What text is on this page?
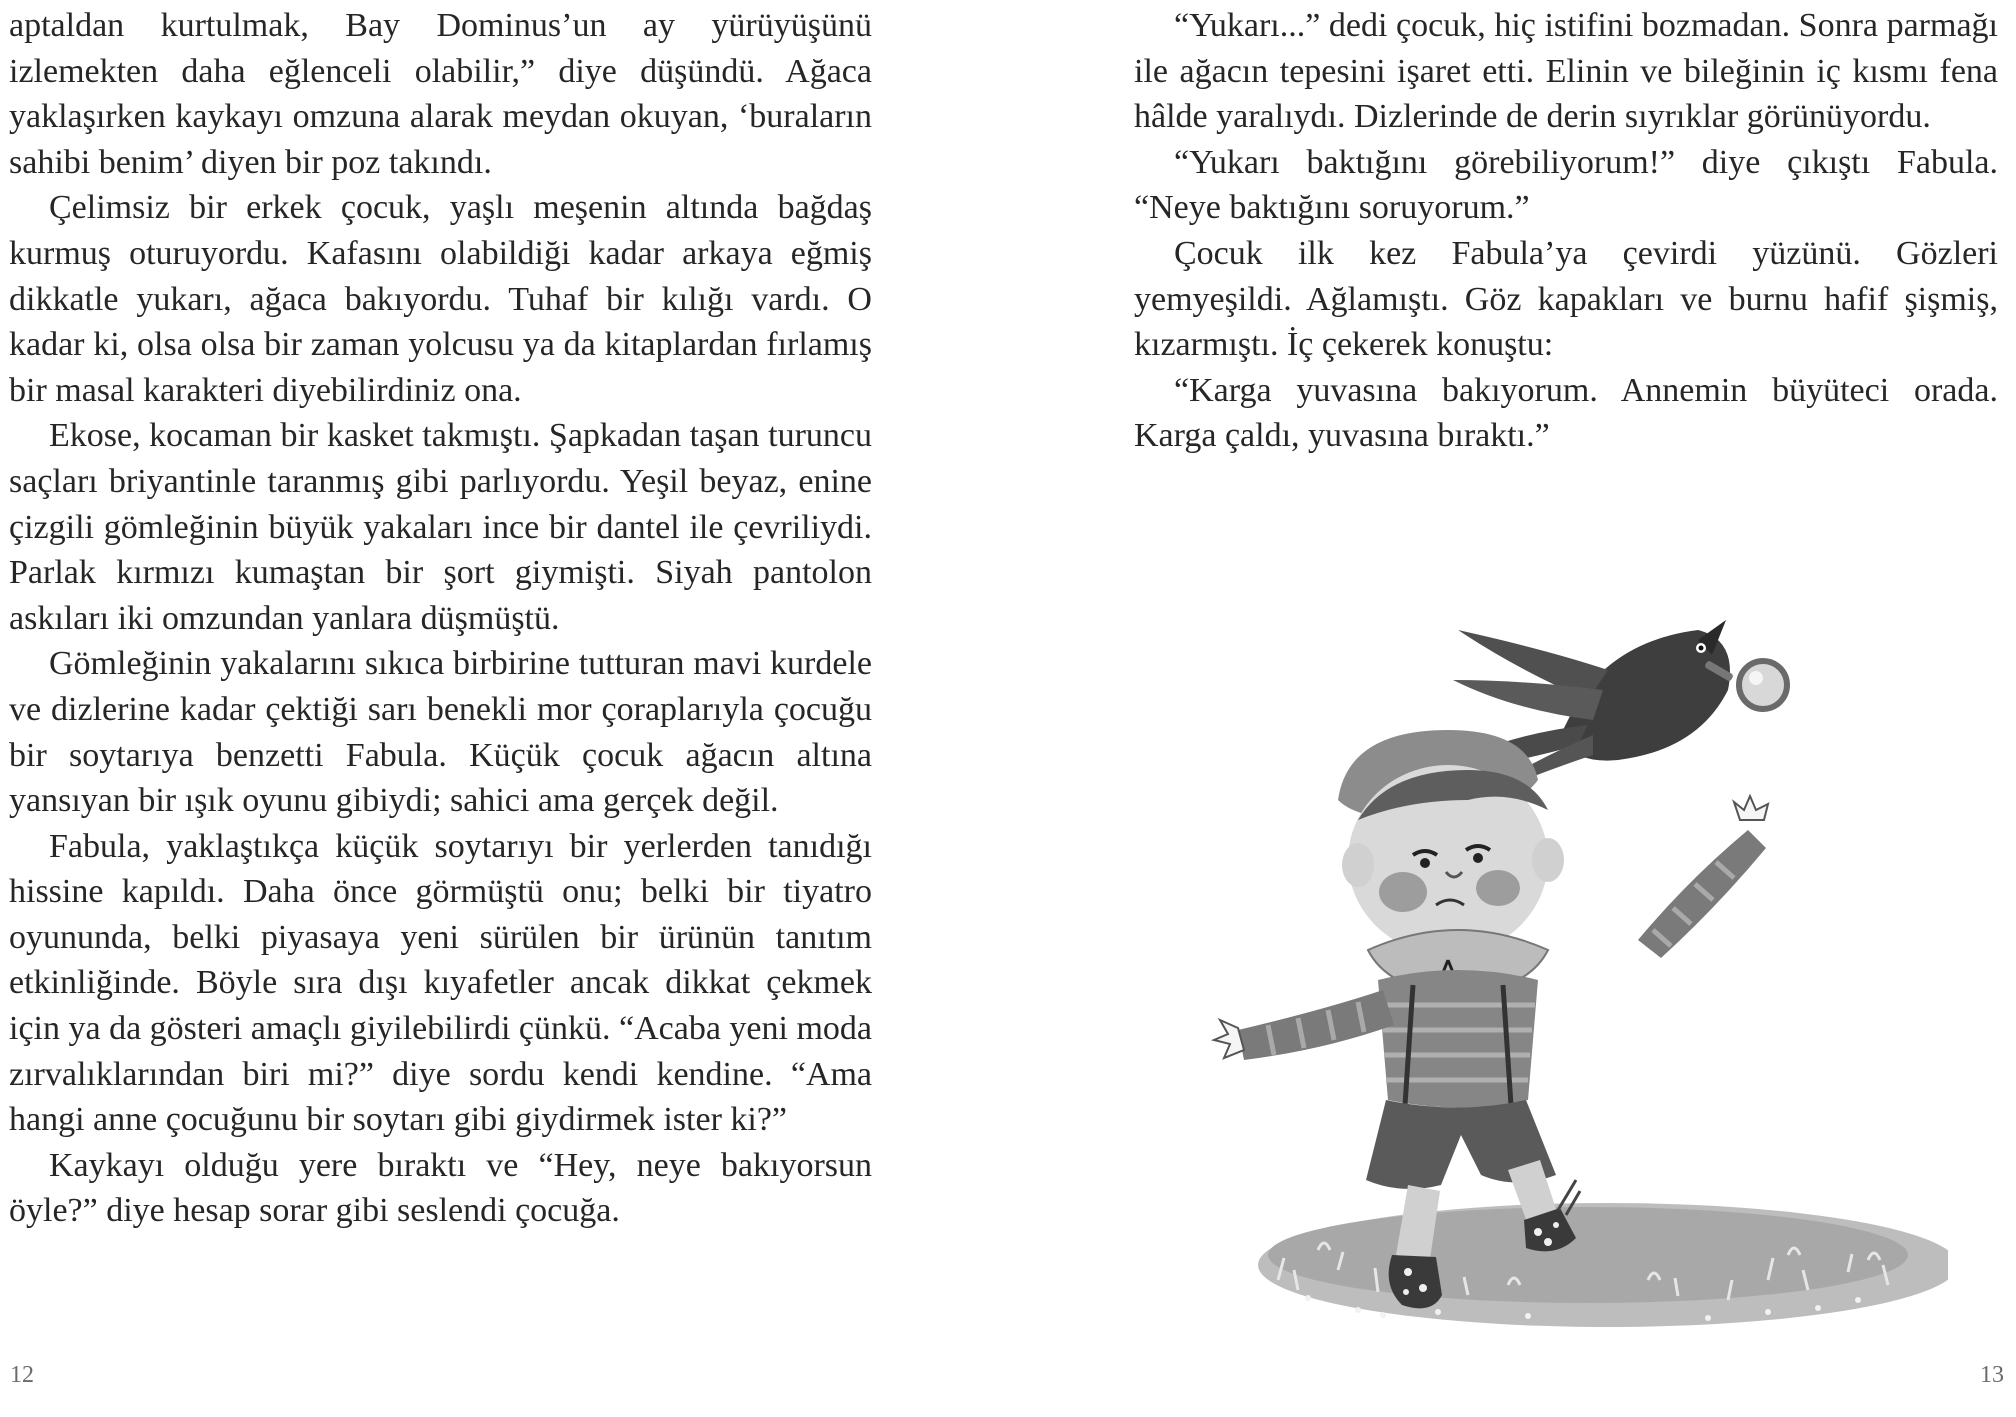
aptaldan kurtulmak, Bay Dominus’un ay yürüyüşünü izlemekten daha eğlenceli olabilir,” diye düşündü. Ağaca yaklaşırken kaykayı omzuna alarak meydan okuyan, ‘buraların sahibi benim’ diyen bir poz takındı.

Çelimsiz bir erkek çocuk, yaşlı meşenin altında bağdaş kurmuş oturuyordu. Kafasını olabildiği kadar arkaya eğmiş dikkatle yukarı, ağaca bakıyordu. Tuhaf bir kılığı vardı. O kadar ki, olsa olsa bir zaman yolcusu ya da kitaplardan fırlamış bir masal karakteri diyebilirdiniz ona.

Ekose, kocaman bir kasket takmıştı. Şapkadan taşan turuncu saçları briyantinle taranmış gibi parlıyordu. Yeşil beyaz, enine çizgili gömleğinin büyük yakaları ince bir dantel ile çevriliydi. Parlak kırmızı kumaştan bir şort giymişti. Siyah pantolon askıları iki omzundan yanlara düşmüştü.

Gömleğinin yakalarını sıkıca birbirine tutturan mavi kurdele ve dizlerine kadar çektiği sarı benekli mor çoraplarıyla çocuğu bir soytarıya benzetti Fabula. Küçük çocuk ağacın altına yansıyan bir ışık oyunu gibiydi; sahici ama gerçek değil.

Fabula, yaklaştıkça küçük soytarıyı bir yerlerden tanıdığı hissine kapıldı. Daha önce görmüştü onu; belki bir tiyatro oyununda, belki piyasaya yeni sürülen bir ürünün tanıtım etkinliğinde. Böyle sıra dışı kıyafetler ancak dikkat çekmek için ya da gösteri amaçlı giyilebilirdi çünkü. “Acaba yeni moda zırvalıklarından biri mi?” diye sordu kendi kendine. “Ama hangi anne çocuğunu bir soytarı gibi giydirmek ister ki?”

Kaykayı olduğu yere bıraktı ve “Hey, neye bakıyorsun öyle?” diye hesap sorar gibi seslendi çocuğa.

12

“Yukarı...” dedi çocuk, hiç istifini bozmadan. Sonra parmağı ile ağacın tepesini işaret etti. Elinin ve bileğinin iç kısmı fena hâlde yaralıydı. Dizlerinde de derin sıyrıklar görünüyordu.

“Yukarı baktığını görebiliyorum!” diye çıkıştı Fabula. “Neye baktığını soruyorum.”

Çocuk ilk kez Fabula’ya çevirdi yüzünü. Gözleri yemyeşildi. Ağlamıştı. Göz kapakları ve burnu hafif şişmiş, kızarmıştı. İç çekerek konuştu:

“Karga yuvasına bakıyorum. Annemin büyüteci orada. Karga çaldı, yuvasına bıraktı.”

13
